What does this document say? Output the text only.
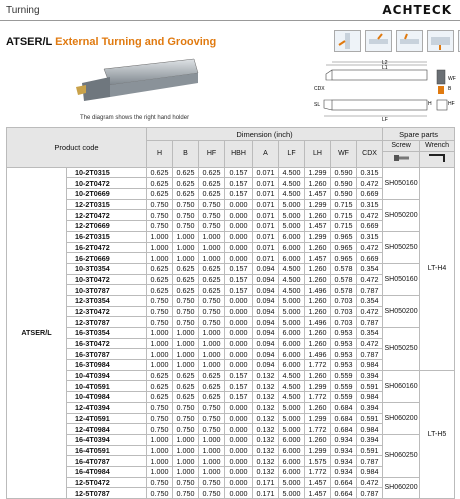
Turning	ACHTECK
ATSER/L External Turning and Grooving
The diagram shows the right hand holder
L2
L1
LF
CDX
SL	H	HF
WF
B
Product code		Dimension (inch)									Spare parts	
		H	B	HF	HBH	A	LF	LH	WF	CDX	Screw	Wrench

ATSER/L	10-2T0315	0.625	0.625	0.625	0.157	0.071	4.500	1.299	0.590	0.315	SH050160	LT-H4
	10-2T0472	0.625	0.625	0.625	0.157	0.071	4.500	1.260	0.590	0.472		
	10-2T0669	0.625	0.625	0.625	0.157	0.071	4.500	1.457	0.590	0.669		
	12-2T0315	0.750	0.750	0.750	0.000	0.071	5.000	1.299	0.715	0.315	SH050200	
	12-2T0472	0.750	0.750	0.750	0.000	0.071	5.000	1.260	0.715	0.472		
	12-2T0669	0.750	0.750	0.750	0.000	0.071	5.000	1.457	0.715	0.669		
	16-2T0315	1.000	1.000	1.000	0.000	0.071	6.000	1.299	0.965	0.315	SH050250	
	16-2T0472	1.000	1.000	1.000	0.000	0.071	6.000	1.260	0.965	0.472		
	16-2T0669	1.000	1.000	1.000	0.000	0.071	6.000	1.457	0.965	0.669		
	10-3T0354	0.625	0.625	0.625	0.157	0.094	4.500	1.260	0.578	0.354	SH050160	
	10-3T0472	0.625	0.625	0.625	0.157	0.094	4.500	1.260	0.578	0.472		
	10-3T0787	0.625	0.625	0.625	0.157	0.094	4.500	1.496	0.578	0.787		
	12-3T0354	0.750	0.750	0.750	0.000	0.094	5.000	1.260	0.703	0.354	SH050200	
	12-3T0472	0.750	0.750	0.750	0.000	0.094	5.000	1.260	0.703	0.472		
	12-3T0787	0.750	0.750	0.750	0.000	0.094	5.000	1.496	0.703	0.787		
	16-3T0354	1.000	1.000	1.000	0.000	0.094	6.000	1.260	0.953	0.354	SH050250	
	16-3T0472	1.000	1.000	1.000	0.000	0.094	6.000	1.260	0.953	0.472		
	16-3T0787	1.000	1.000	1.000	0.000	0.094	6.000	1.496	0.953	0.787		
	16-3T0984	1.000	1.000	1.000	0.000	0.094	6.000	1.772	0.953	0.984		
	10-4T0394	0.625	0.625	0.625	0.157	0.132	4.500	1.260	0.559	0.394	SH060160	LT-H5
	10-4T0591	0.625	0.625	0.625	0.157	0.132	4.500	1.299	0.559	0.591		
	10-4T0984	0.625	0.625	0.625	0.157	0.132	4.500	1.772	0.559	0.984		
	12-4T0394	0.750	0.750	0.750	0.000	0.132	5.000	1.260	0.684	0.394	SH060200	
	12-4T0591	0.750	0.750	0.750	0.000	0.132	5.000	1.299	0.684	0.591		
	12-4T0984	0.750	0.750	0.750	0.000	0.132	5.000	1.772	0.684	0.984		
	16-4T0394	1.000	1.000	1.000	0.000	0.132	6.000	1.260	0.934	0.394	SH060250	
	16-4T0591	1.000	1.000	1.000	0.000	0.132	6.000	1.299	0.934	0.591		
	16-4T0787	1.000	1.000	1.000	0.000	0.132	6.000	1.575	0.934	0.787		
	16-4T0984	1.000	1.000	1.000	0.000	0.132	6.000	1.772	0.934	0.984		
	12-5T0472	0.750	0.750	0.750	0.000	0.171	5.000	1.457	0.664	0.472	SH060200	
	12-5T0787	0.750	0.750	0.750	0.000	0.171	5.000	1.457	0.664	0.787		
